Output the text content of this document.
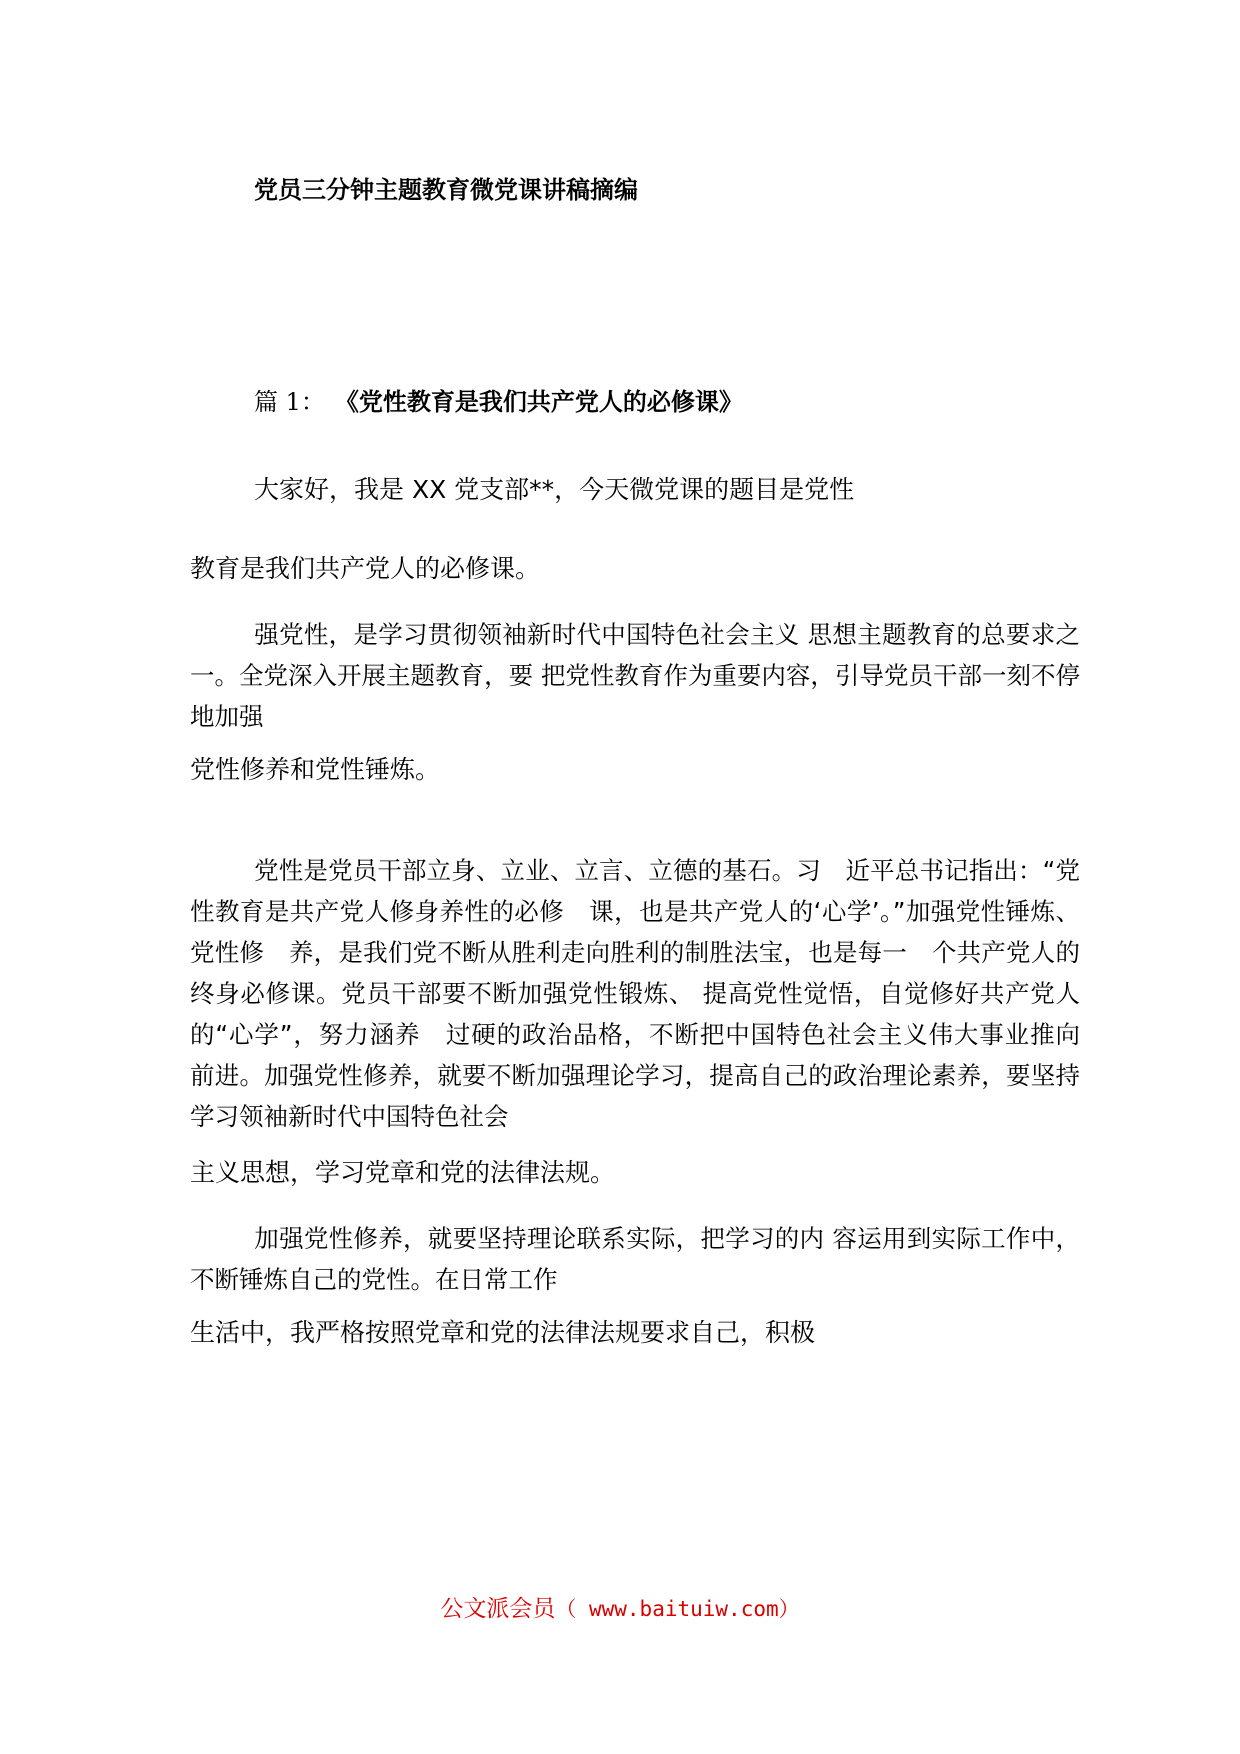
党员三分钟主题教育微党课讲稿摘编
篇 1： 《党性教育是我们共产党人的必修课》
大家好，我是 XX 党支部**，今天微党课的题目是党性
教育是我们共产党人的必修课。
强党性，是学习贯彻领袖新时代中国特色社会主义 思想主题教育的总要求之一。全党深入开展主题教育，要 把党性教育作为重要内容，引导党员干部一刻不停地加强
党性修养和党性锤炼。
党性是党员干部立身、立业、立言、立德的基石。习　近平总书记指出：“党性教育是共产党人修身养性的必修　课，也是共产党人的‘心学’。”加强党性锤炼、党性修　养，是我们党不断从胜利走向胜利的制胜法宝，也是每一　个共产党人的终身必修课。党员干部要不断加强党性锻炼、 提高党性觉悟，自觉修好共产党人的“心学”，努力涵养　过硬的政治品格，不断把中国特色社会主义伟大事业推向　前进。加强党性修养，就要不断加强理论学习，提高自己的政治理论素养，要坚持学习领袖新时代中国特色社会
主义思想，学习党章和党的法律法规。
加强党性修养，就要坚持理论联系实际，把学习的内 容运用到实际工作中，不断锤炼自己的党性。在日常工作
生活中，我严格按照党章和党的法律法规要求自己，积极
公文派会员（ www.baituiw.com）
